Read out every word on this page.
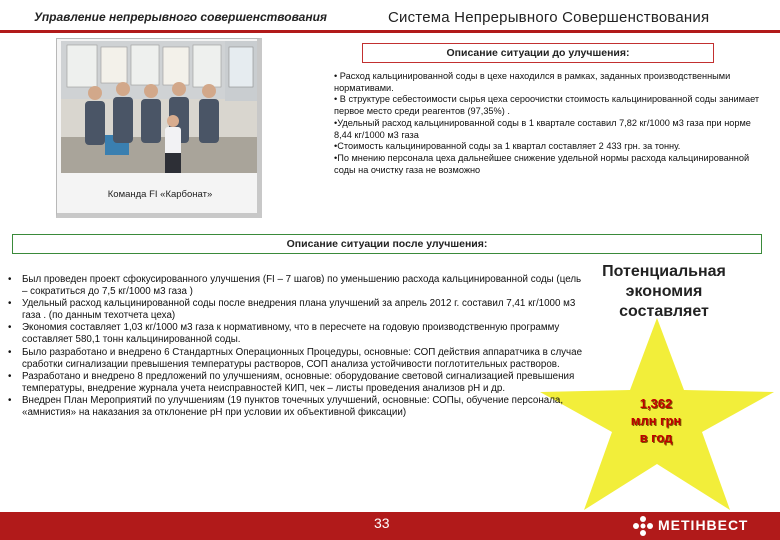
Управление непрерывного совершенствования	Система Непрерывного Совершенствования
Команда FI «Карбонат»
Описание ситуации до улучшения:

• Расход кальцинированной соды в цехе находился в рамках, заданных производственными нормативами.

• В структуре себестоимости сырья цеха сероочистки стоимость кальцинированной соды занимает первое место среди реагентов (97,35%) .

•Удельный расход кальцинированной соды в 1 квартале составил 7,82 кг/1000 м3 газа при норме 8,44 кг/1000 м3 газа

•Стоимость кальцинированной соды за 1 квартал составляет 2 433 грн. за тонну.

•По мнению персонала цеха дальнейшее снижение удельной нормы расхода кальцинированной соды на очистку газа не возможно

Описание ситуации после улучшения:
• Был проведен проект сфокусированного улучшения (FI – 7 шагов) по уменьшению расхода кальцинированной соды (цель – сократиться до 7,5 кг/1000 м3 газа )
• Удельный расход кальцинированной соды после внедрения плана улучшений за апрель 2012 г. составил 7,41 кг/1000 м3 газа . (по данным техотчета цеха)
• Экономия составляет 1,03 кг/1000 м3 газа к нормативному, что в пересчете на годовую производственную программу составляет 580,1 тонн кальцинированной соды.
• Было разработано и внедрено 6 Стандартных Операционных Процедуры, основные: СОП действия аппаратчика в случае сработки сигнализации превышения температуры растворов, СОП анализа устойчивости поглотительных растворов.
• Разработано и внедрено 8 предложений по улучшениям, основные: оборудование световой сигнализацией превышения температуры, внедрение журнала учета неисправностей КИП, чек – листы проведения анализов pH и др.
• Внедрен План Мероприятий по улучшениям (19 пунктов точечных улучшений, основные: СОПы, обучение персонала, «амнистия» на наказания за отклонение pH при условии их объективной фиксации)
Потенциальная
экономия
составляет
1,362
млн грн
в год
33	МЕТІНВЕСТ
